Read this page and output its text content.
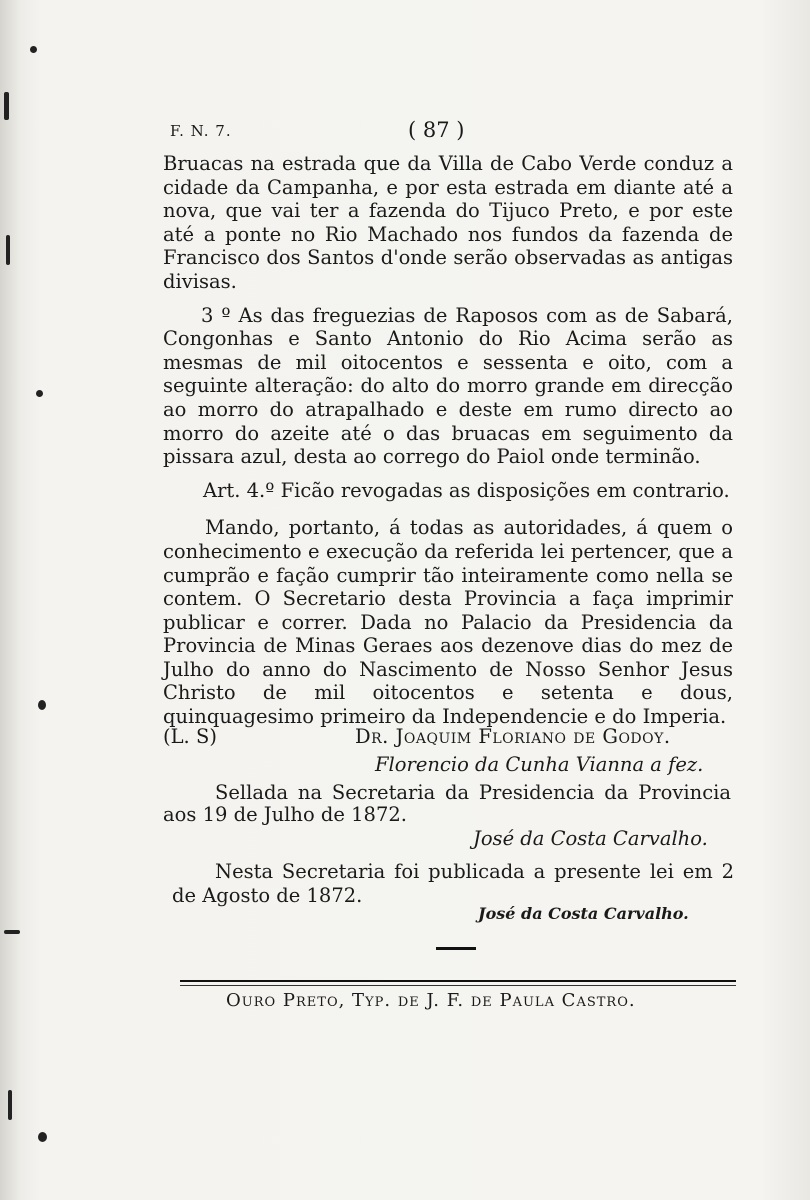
F. N. 7.	( 87 )

Bruacas na estrada que da Villa de Cabo Verde conduz a cidade da Campanha, e por esta estrada em diante até a nova, que vai ter a fazenda do Tijuco Preto, e por este até a ponte no Rio Machado nos fundos da fazenda de Francisco dos Santos d'onde serão observadas as antigas divisas.

3 º As das freguezias de Raposos com as de Sabará, Congonhas e Santo Antonio do Rio Acima serão as mesmas de mil oitocentos e sessenta e oito, com a seguinte alteração: do alto do morro grande em direcção ao morro do atrapalhado e deste em rumo directo ao morro do azeite até o das bruacas em seguimento da pissara azul, desta ao corrego do Paiol onde terminão.

Art. 4.º Ficão revogadas as disposições em contrario.

Mando, portanto, á todas as autoridades, á quem o conhecimento e execução da referida lei pertencer, que a cumprão e fação cumprir tão inteiramente como nella se contem. O Secretario desta Provincia a faça imprimir publicar e correr. Dada no Palacio da Presidencia da Provincia de Minas Geraes aos dezenove dias do mez de Julho do anno do Nascimento de Nosso Senhor Jesus Christo de mil oitocentos e setenta e dous, quinquagesimo primeiro da Independencie e do Imperia.

(L. S)	Dr. Joaquim Floriano de Godoy.
Florencio da Cunha Vianna a fez.

Sellada na Secretaria da Presidencia da Provincia aos 19 de Julho de 1872.

José da Costa Carvalho.

Nesta Secretaria foi publicada a presente lei em 2 de Agosto de 1872.

José da Costa Carvalho.
Ouro Preto, Typ. de J. F. de Paula Castro.
